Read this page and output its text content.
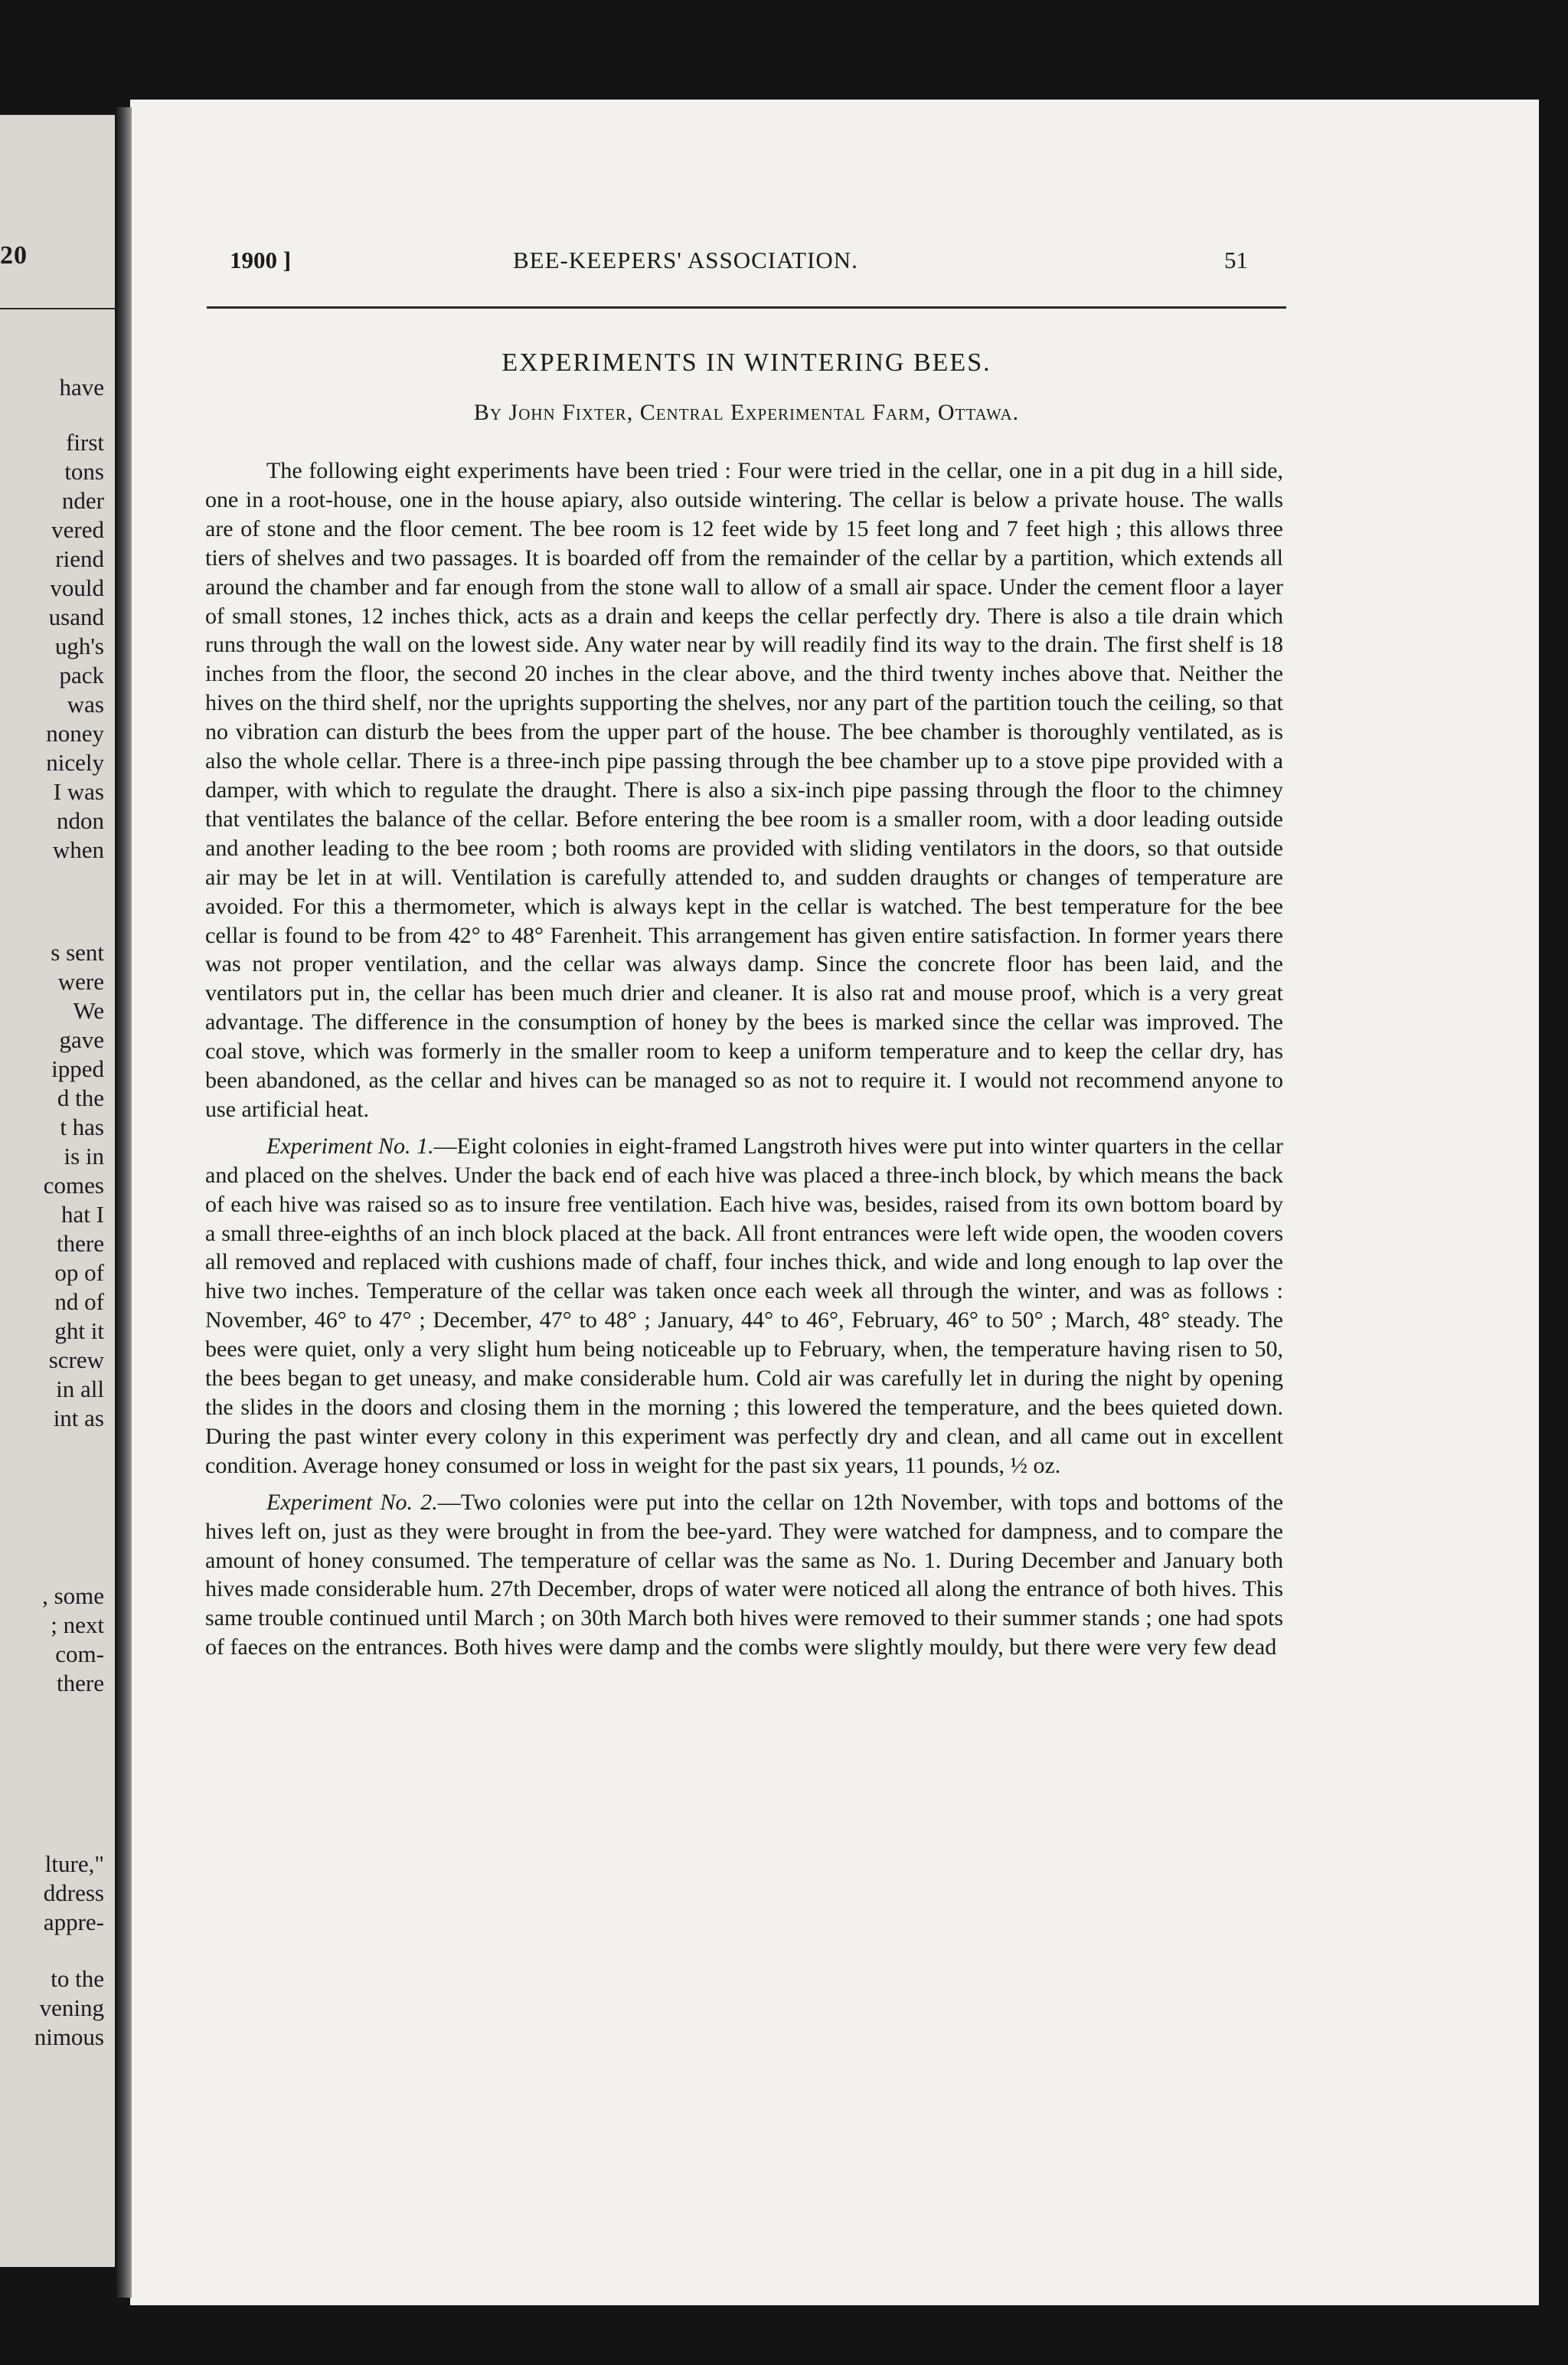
20
have
first
tons
nder
vered
riend
vould
usand
ugh's
pack
was
noney
nicely
I was
ndon
when
s sent
were
We
gave
ipped
d the
t has
is in
comes
hat I
there
op of
nd of
ght it
screw
in all
int as
, some
; next
com-
there
lture,"
ddress
appre-
to the
vening
nimous
1900 ]	BEE-KEEPERS' ASSOCIATION.	51
EXPERIMENTS IN WINTERING BEES.
By John Fixter, Central Experimental Farm, Ottawa.

The following eight experiments have been tried : Four were tried in the cellar, one in a pit dug in a hill side, one in a root-house, one in the house apiary, also outside wintering. The cellar is below a private house. The walls are of stone and the floor cement. The bee room is 12 feet wide by 15 feet long and 7 feet high ; this allows three tiers of shelves and two passages. It is boarded off from the remainder of the cellar by a partition, which extends all around the chamber and far enough from the stone wall to allow of a small air space. Under the cement floor a layer of small stones, 12 inches thick, acts as a drain and keeps the cellar perfectly dry. There is also a tile drain which runs through the wall on the lowest side. Any water near by will readily find its way to the drain. The first shelf is 18 inches from the floor, the second 20 inches in the clear above, and the third twenty inches above that. Neither the hives on the third shelf, nor the uprights supporting the shelves, nor any part of the partition touch the ceiling, so that no vibration can disturb the bees from the upper part of the house. The bee chamber is thoroughly ventilated, as is also the whole cellar. There is a three-inch pipe passing through the bee chamber up to a stove pipe provided with a damper, with which to regulate the draught. There is also a six-inch pipe passing through the floor to the chimney that ventilates the balance of the cellar. Before entering the bee room is a smaller room, with a door leading outside and another leading to the bee room ; both rooms are provided with sliding ventilators in the doors, so that outside air may be let in at will. Ventilation is carefully attended to, and sudden draughts or changes of temperature are avoided. For this a thermometer, which is always kept in the cellar is watched. The best temperature for the bee cellar is found to be from 42° to 48° Farenheit. This arrangement has given entire satisfaction. In former years there was not proper ventilation, and the cellar was always damp. Since the concrete floor has been laid, and the ventilators put in, the cellar has been much drier and cleaner. It is also rat and mouse proof, which is a very great advantage. The difference in the consumption of honey by the bees is marked since the cellar was improved. The coal stove, which was formerly in the smaller room to keep a uniform temperature and to keep the cellar dry, has been abandoned, as the cellar and hives can be managed so as not to require it. I would not recommend anyone to use artificial heat.

Experiment No. 1.—Eight colonies in eight-framed Langstroth hives were put into winter quarters in the cellar and placed on the shelves. Under the back end of each hive was placed a three-inch block, by which means the back of each hive was raised so as to insure free ventilation. Each hive was, besides, raised from its own bottom board by a small three-eighths of an inch block placed at the back. All front entrances were left wide open, the wooden covers all removed and replaced with cushions made of chaff, four inches thick, and wide and long enough to lap over the hive two inches. Temperature of the cellar was taken once each week all through the winter, and was as follows : November, 46° to 47° ; December, 47° to 48° ; January, 44° to 46°, February, 46° to 50° ; March, 48° steady. The bees were quiet, only a very slight hum being noticeable up to February, when, the temperature having risen to 50, the bees began to get uneasy, and make considerable hum. Cold air was carefully let in during the night by opening the slides in the doors and closing them in the morning ; this lowered the temperature, and the bees quieted down. During the past winter every colony in this experiment was perfectly dry and clean, and all came out in excellent condition. Average honey consumed or loss in weight for the past six years, 11 pounds, ½ oz.

Experiment No. 2.—Two colonies were put into the cellar on 12th November, with tops and bottoms of the hives left on, just as they were brought in from the bee-yard. They were watched for dampness, and to compare the amount of honey consumed. The temperature of cellar was the same as No. 1. During December and January both hives made considerable hum. 27th December, drops of water were noticed all along the entrance of both hives. This same trouble continued until March ; on 30th March both hives were removed to their summer stands ; one had spots of faeces on the entrances. Both hives were damp and the combs were slightly mouldy, but there were very few dead
